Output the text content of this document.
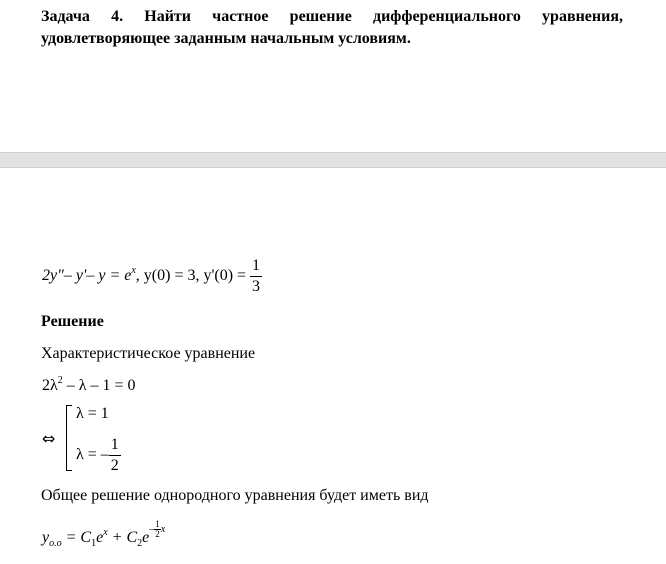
Задача 4. Найти частное решение дифференциального уравнения, удовлетворяющее заданным начальным условиям.
2y"– y'– $y = e^x$, y(0) = 3, $y'(0) = \frac{1}{3}$
Решение
Характеристическое уравнение
$2\lambda^2 - \lambda - 1 = 0$
⇔
λ = 1
λ = – $\frac{1}{2}$
Общее решение однородного уравнения будет иметь вид
$y_{o.o} = C_1e^x + C_2e- \frac{1}{2}$ x
